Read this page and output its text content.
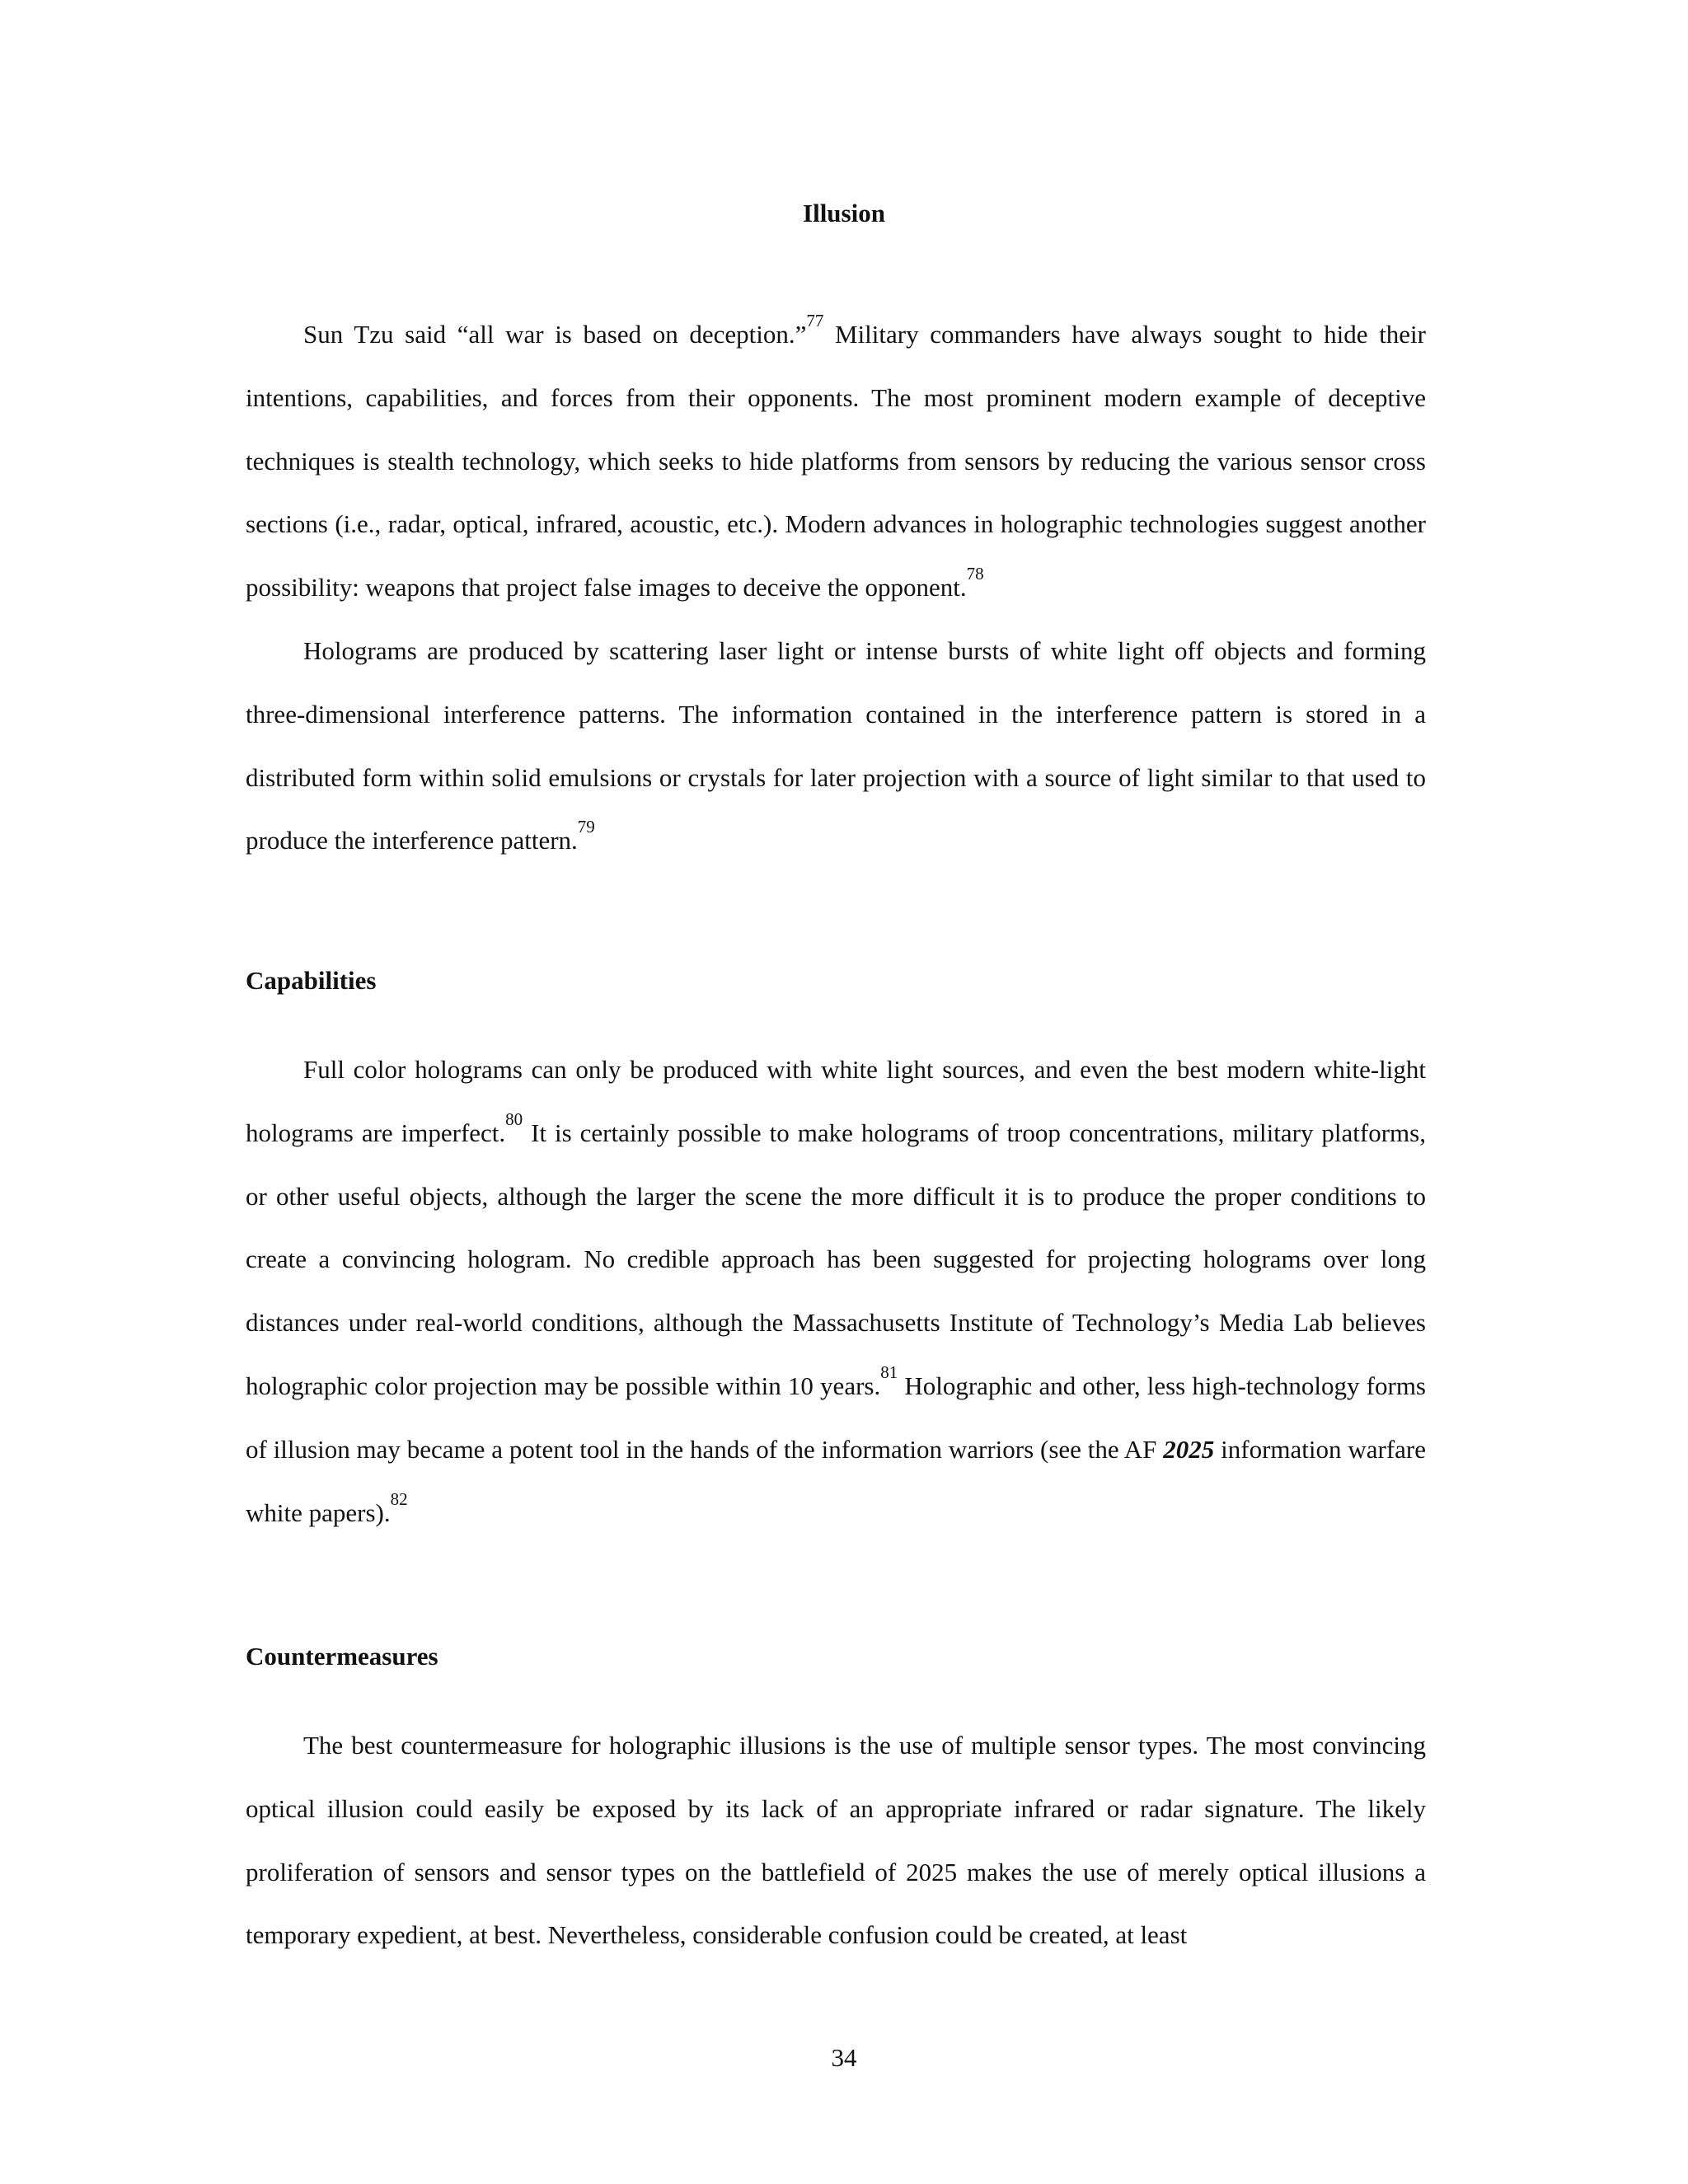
Illusion

Sun Tzu said “all war is based on deception.”$^{77}$ Military commanders have always sought to hide their intentions, capabilities, and forces from their opponents. The most prominent modern example of deceptive techniques is stealth technology, which seeks to hide platforms from sensors by reducing the various sensor cross sections (i.e., radar, optical, infrared, acoustic, etc.). Modern advances in holographic technologies suggest another possibility: weapons that project false images to deceive the opponent.$^{78}$

Holograms are produced by scattering laser light or intense bursts of white light off objects and forming three-dimensional interference patterns. The information contained in the interference pattern is stored in a distributed form within solid emulsions or crystals for later projection with a source of light similar to that used to produce the interference pattern.$^{79}$

Capabilities

Full color holograms can only be produced with white light sources, and even the best modern white-light holograms are imperfect.$^{80}$ It is certainly possible to make holograms of troop concentrations, military platforms, or other useful objects, although the larger the scene the more difficult it is to produce the proper conditions to create a convincing hologram. No credible approach has been suggested for projecting holograms over long distances under real-world conditions, although the Massachusetts Institute of Technology’s Media Lab believes holographic color projection may be possible within 10 years.$^{81}$ Holographic and other, less high-technology forms of illusion may became a potent tool in the hands of the information warriors (see the AF 2025 information warfare white papers).$^{82}$

Countermeasures

The best countermeasure for holographic illusions is the use of multiple sensor types. The most convincing optical illusion could easily be exposed by its lack of an appropriate infrared or radar signature. The likely proliferation of sensors and sensor types on the battlefield of 2025 makes the use of merely optical illusions a temporary expedient, at best. Nevertheless, considerable confusion could be created, at least

34
